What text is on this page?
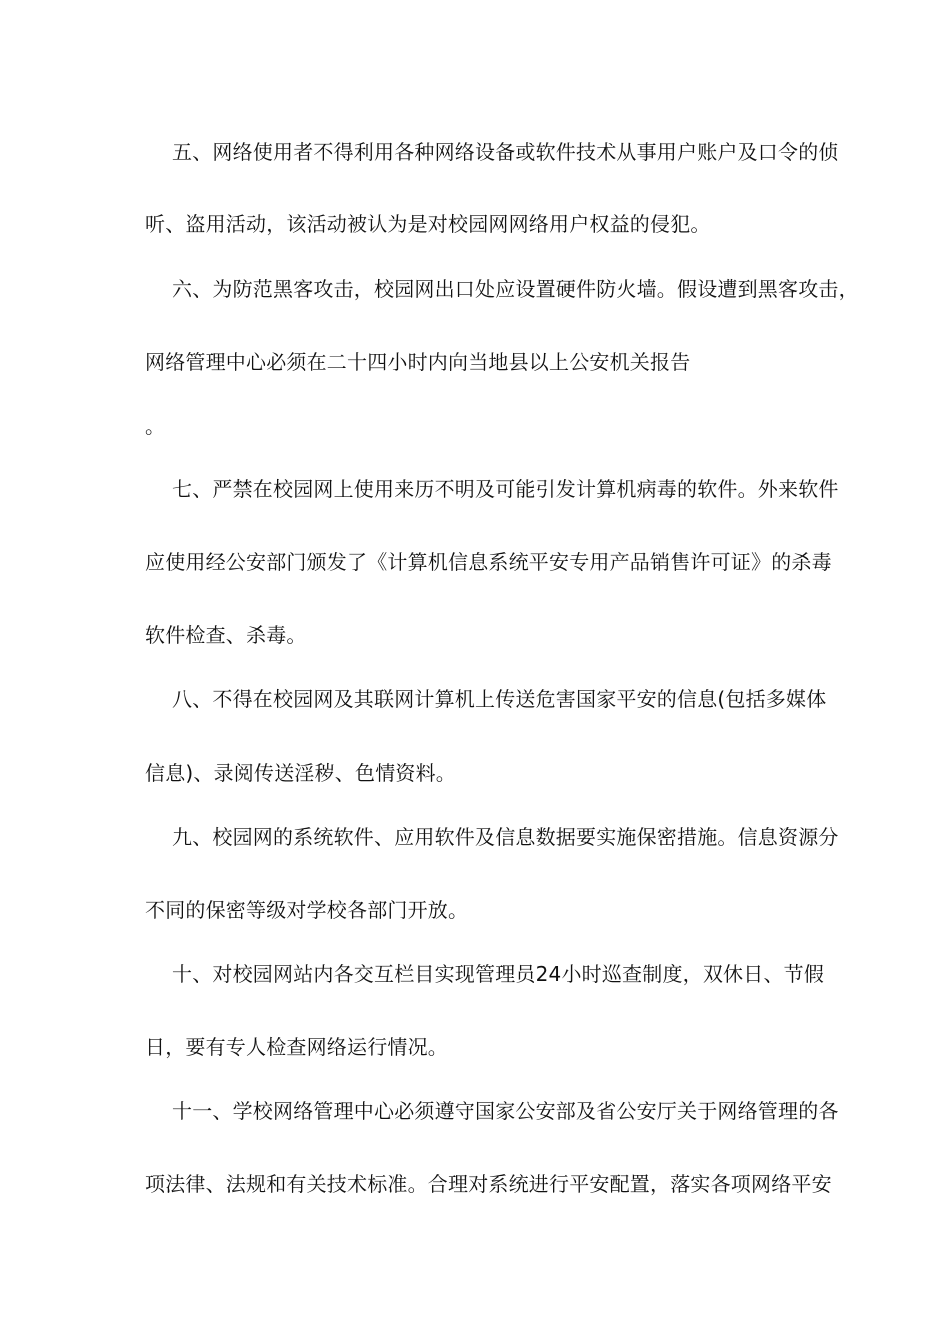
五、网络使用者不得利用各种网络设备或软件技术从事用户账户及口令的侦
听、盗用活动，该活动被认为是对校园网网络用户权益的侵犯。
六、为防范黑客攻击，校园网出口处应设置硬件防火墙。假设遭到黑客攻击，
网络管理中心必须在二十四小时内向当地县以上公安机关报告
。
七、严禁在校园网上使用来历不明及可能引发计算机病毒的软件。外来软件
应使用经公安部门颁发了《计算机信息系统平安专用产品销售许可证》的杀毒
软件检查、杀毒。
八、不得在校园网及其联网计算机上传送危害国家平安的信息(包括多媒体
信息)、录阅传送淫秽、色情资料。
九、校园网的系统软件、应用软件及信息数据要实施保密措施。信息资源分
不同的保密等级对学校各部门开放。
十、对校园网站内各交互栏目实现管理员24小时巡查制度，双休日、节假
日，要有专人检查网络运行情况。
十一、学校网络管理中心必须遵守国家公安部及省公安厅关于网络管理的各
项法律、法规和有关技术标准。合理对系统进行平安配置，落实各项网络平安
